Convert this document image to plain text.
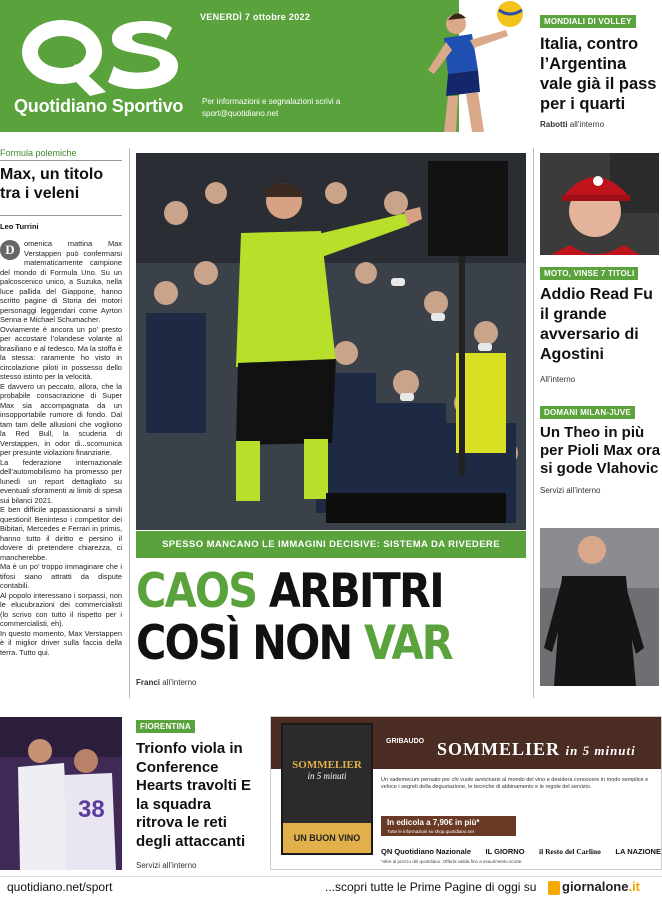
Quotidiano Sportivo
VENERDÌ 7 ottobre 2022
Per informazioni e segnalazioni scrivi a
sport@quotidiano.net
MONDIALI DI VOLLEY
Italia, contro l’Argentina vale già il pass per i quarti
Rabotti all’interno
Formula polemiche
Max, un titolo tra i veleni
Leo Turrini
D	omenica mattina Max Verstappen può confermarsi matematicamente campione del mondo di Formula Uno. Su un palcoscenico unico, a Suzuka, nella luce pallida del Giappone, hanno scritto pagine di Storia dei motori personaggi leggendari come Ayrton Senna e Michael Schumacher.
Ovviamente è ancora un po’ presto per accostare l’olandese volante al brasiliano e al tedesco. Ma la stoffa è la stessa: raramente ho visto in circolazione piloti in possesso dello stesso istinto per la velocità.
E davvero un peccato, allora, che la probabile consacrazione di Super Max sia accompagnata da un insopportabile rumore di fondo. Dal tam tam delle allusioni che vogliono la Red Bull, la scuderia di Verstappen, in odor di...scomunica per presunte violazioni finanziarie.
La federazione internazionale dell’automobilismo ha promesso per lunedì un report dettagliato su eventuali sforamenti ai limiti di spesa sui bilanci 2021.
E ben difficile appassionarsi a simili questioni! Beninteso i competitor dei Bibitari, Mercedes e Ferrari in primis, hanno tutto il diritto e persino il dovere di pretendere chiarezza, ci mancherebbe.
Ma è un po’ troppo immaginare che i tifosi siano attratti da dispute contabili.
Al popolo interessano i sorpassi, non le elucubrazioni dei commercialisti (lo scrivo con tutto il rispetto per i commercialisti, eh).
In questo momento, Max Verstappen è il miglior driver sulla faccia della terra. Tutto qui.
SPESSO MANCANO LE IMMAGINI DECISIVE: SISTEMA DA RIVEDERE
CAOS ARBITRI
COSÌ NON VAR
Franci all’interno
MOTO, VINSE 7 TITOLI
Addio Read Fu il grande avversario di Agostini
All’interno
DOMANI MILAN-JUVE
Un Theo in più per Pioli Max ora si gode Vlahovic
Servizi all’interno
38
FIORENTINA
Trionfo viola in Conference Hearts travolti E la squadra ritrova le reti degli attaccanti
Servizi all’interno
GRIBAUDO SOMMELIER in 5 minuti
SOMMELIER
in 5 minuti
UN BUON VINO
Un vademecum pensato per chi vuole avvicinarsi al mondo del vino e desidera conoscere in modo semplice e veloce i segreti della degustazione, le tecniche di abbinamento e le regole del servizio.
In edicola a 7,90€ in più*
Tutte le informazioni su shop.quotidiano.net
QN Quotidiano Nazionale IL GIORNO il Resto del Carlino LA NAZIONE
*oltre al prezzo del quotidiano. Offerta valida fino a esaurimento scorte.
quotidiano.net/sport	...scopri tutte le Prime Pagine di oggi su giornalone.it
